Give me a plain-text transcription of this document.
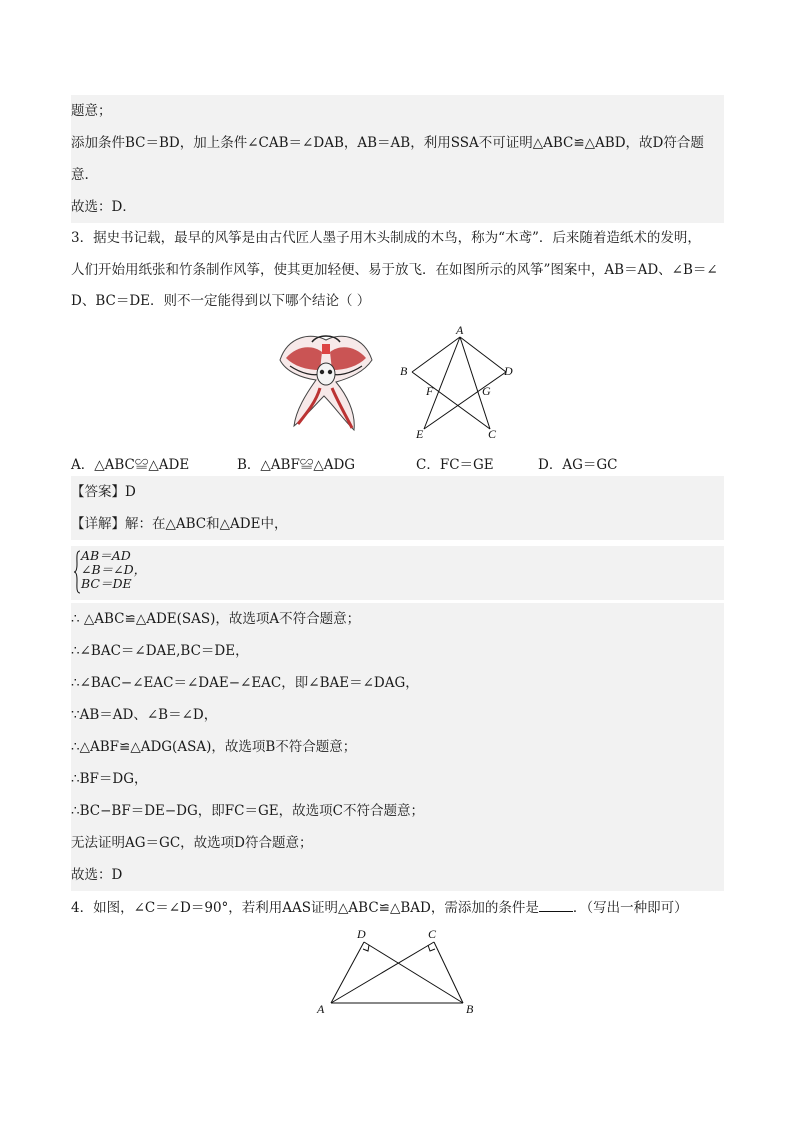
题意；
添加条件BC＝BD，加上条件∠CAB＝∠DAB，AB＝AB，利用SSA不可证明△ABC≌△ABD，故D符合题
意.
故选：D．
3．据史书记载，最早的风筝是由古代匠人墨子用木头制成的木鸟，称为“木鸢”．后来随着造纸术的发明，
人们开始用纸张和竹条制作风筝，使其更加轻便、易于放飞．在如图所示的风筝”图案中，AB＝AD、∠B＝∠
D、BC＝DE．则不一定能得到以下哪个结论（ ）
A
B	D
F	G
E	C
A．△ABC≌△ADE	B．△ABF≌△ADG	C．FC＝GE	D．AG＝GC
【答案】D
【详解】解：在△ABC和△ADE中，
AB＝AD
∠B＝∠D，
BC＝DE
∴ △ABC≌△ADE(SAS)，故选项A不符合题意；
∴∠BAC＝∠DAE,BC＝DE，
∴∠BAC−∠EAC＝∠DAE−∠EAC，即∠BAE＝∠DAG，
∵AB＝AD、∠B＝∠D，
∴△ABF≌△ADG(ASA)，故选项B不符合题意；
∴BF＝DG，
∴BC−BF＝DE−DG，即FC＝GE，故选项C不符合题意；
无法证明AG＝GC，故选项D符合题意；
故选：D
4．如图，∠C＝∠D＝90°，若利用AAS证明△ABC≌△BAD，需添加的条件是	．（写出一种即可）
D	C
A	B
